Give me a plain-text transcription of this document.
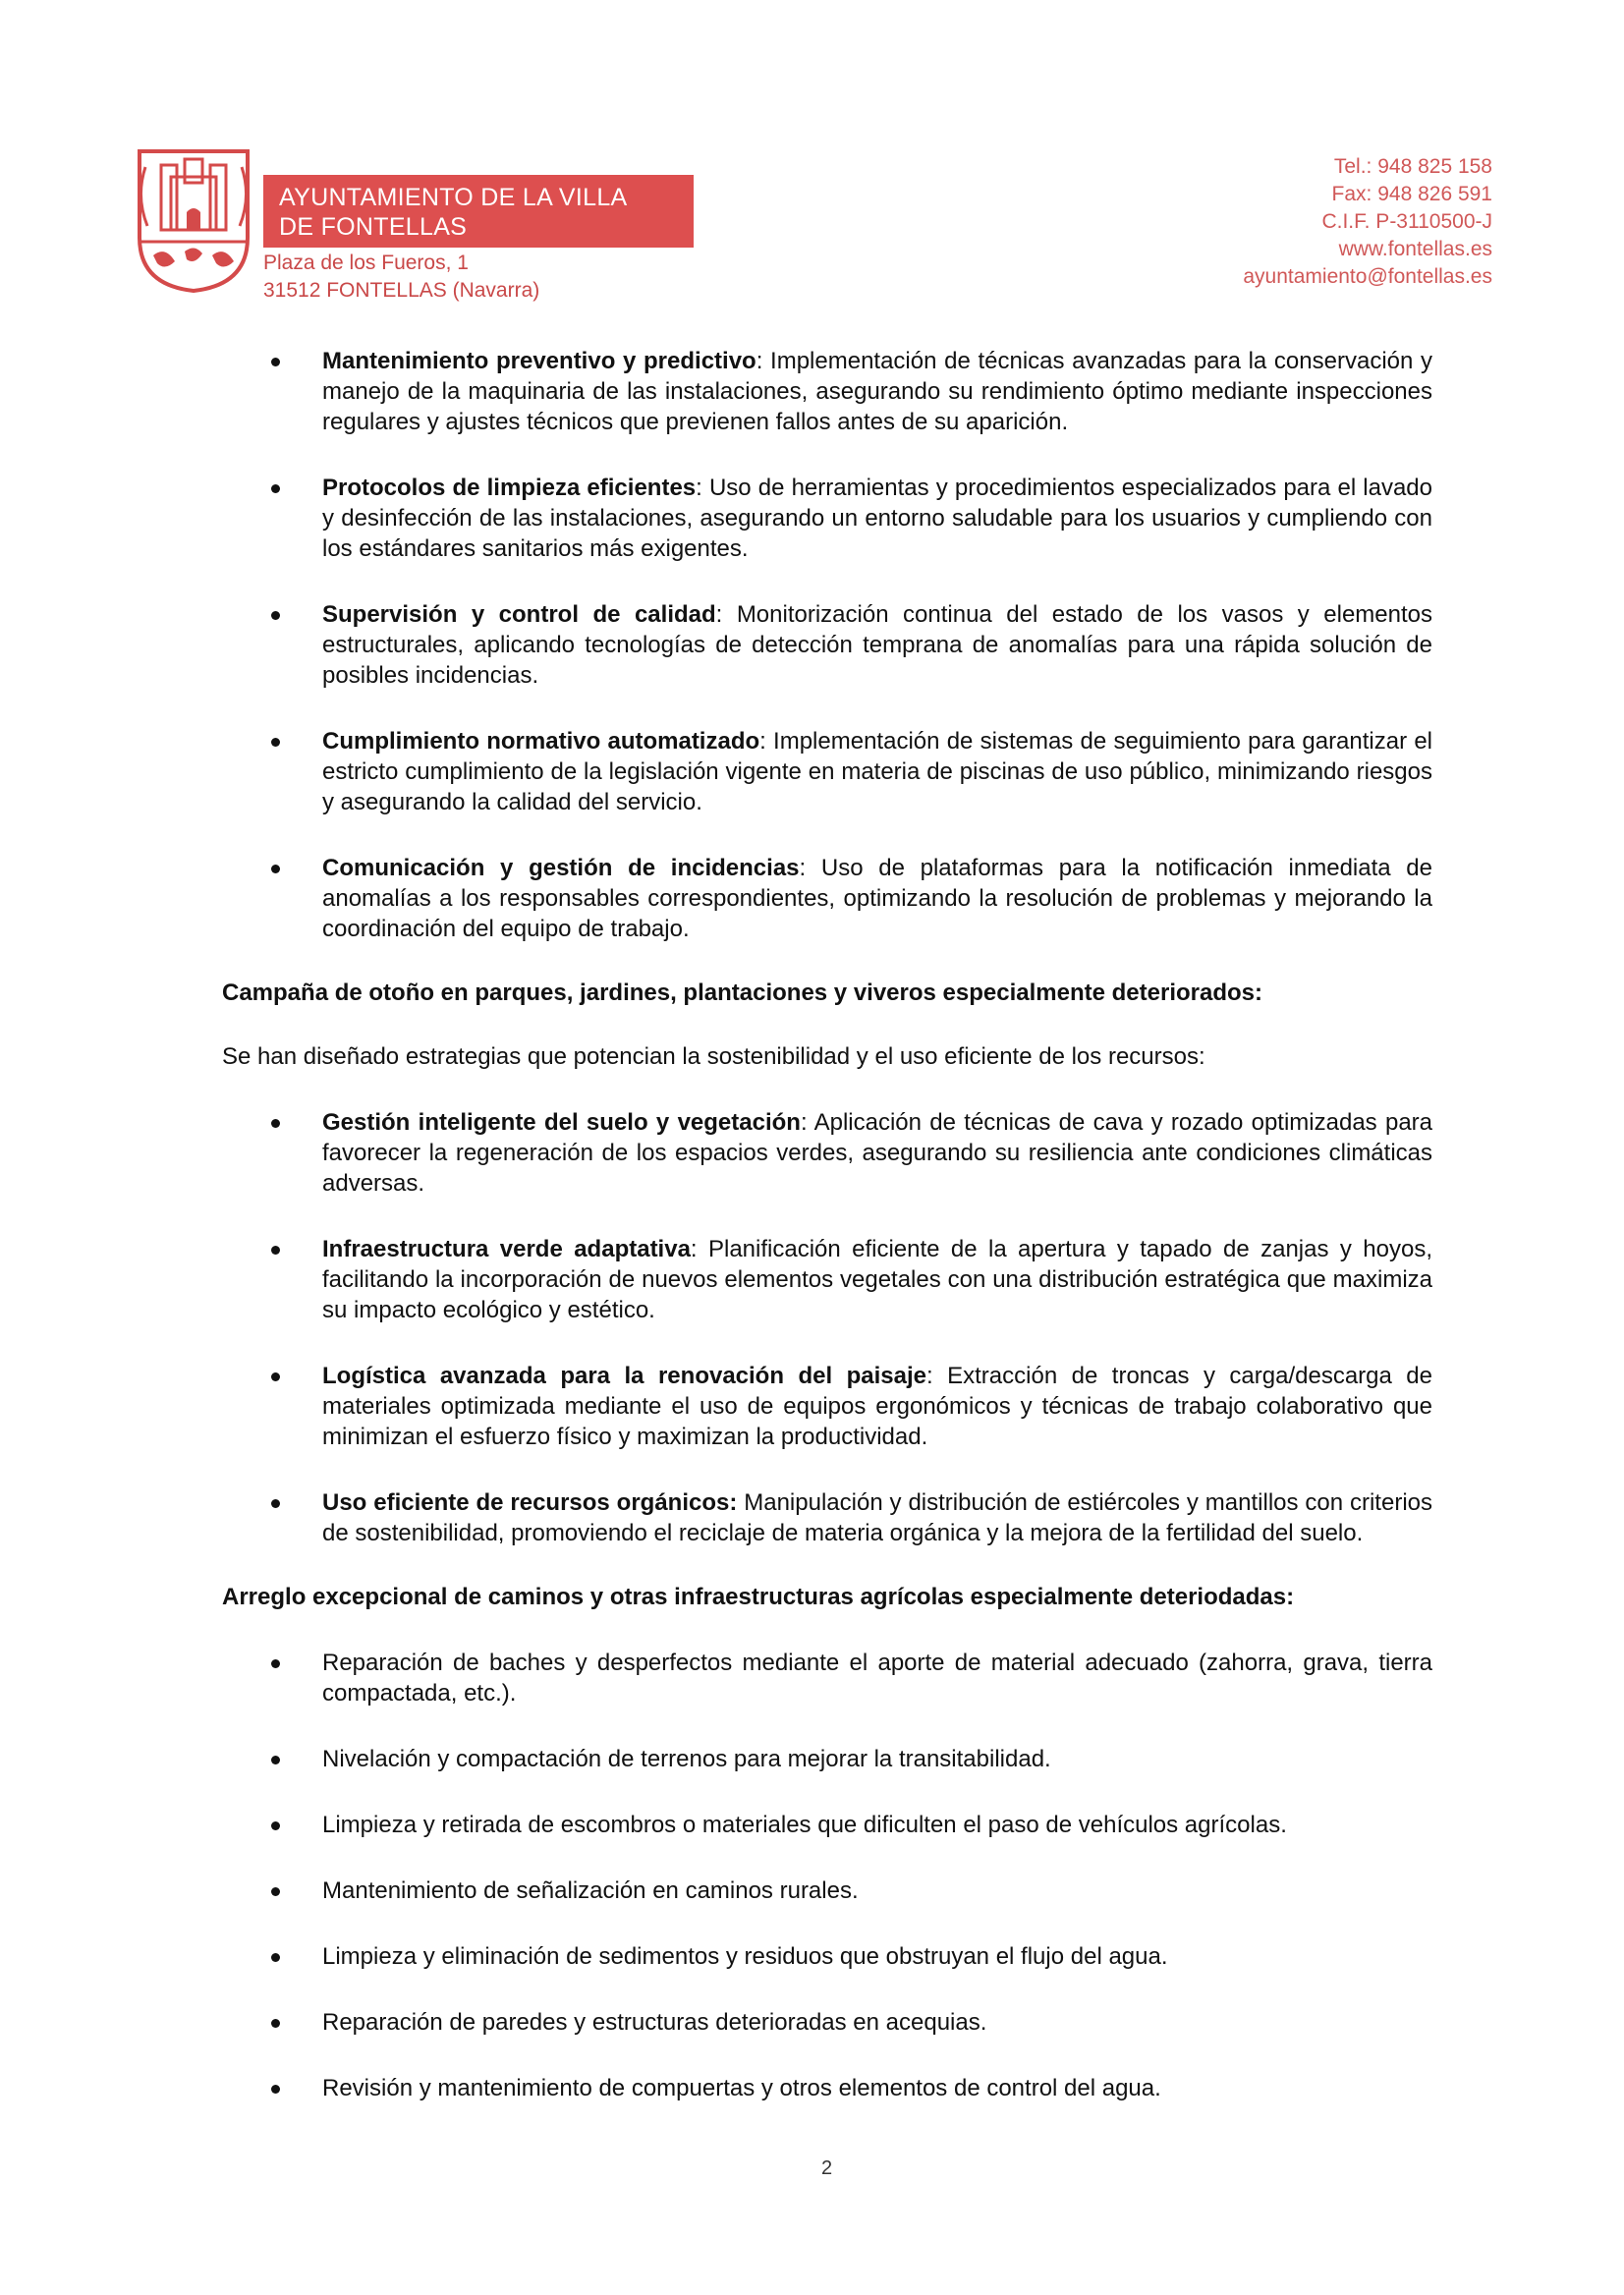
AYUNTAMIENTO DE LA VILLA
DE FONTELLAS
Plaza de los Fueros, 1
31512 FONTELLAS (Navarra)
Tel.: 948 825 158
Fax: 948 826 591
C.I.F. P-3110500-J
www.fontellas.es
ayuntamiento@fontellas.es
Mantenimiento preventivo y predictivo: Implementación de técnicas avanzadas para la conservación y manejo de la maquinaria de las instalaciones, asegurando su rendimiento óptimo mediante inspecciones regulares y ajustes técnicos que previenen fallos antes de su aparición.
Protocolos de limpieza eficientes: Uso de herramientas y procedimientos especializados para el lavado y desinfección de las instalaciones, asegurando un entorno saludable para los usuarios y cumpliendo con los estándares sanitarios más exigentes.
Supervisión y control de calidad: Monitorización continua del estado de los vasos y elementos estructurales, aplicando tecnologías de detección temprana de anomalías para una rápida solución de posibles incidencias.
Cumplimiento normativo automatizado: Implementación de sistemas de seguimiento para garantizar el estricto cumplimiento de la legislación vigente en materia de piscinas de uso público, minimizando riesgos y asegurando la calidad del servicio.
Comunicación y gestión de incidencias: Uso de plataformas para la notificación inmediata de anomalías a los responsables correspondientes, optimizando la resolución de problemas y mejorando la coordinación del equipo de trabajo.
Campaña de otoño en parques, jardines, plantaciones y viveros especialmente deteriorados:
Se han diseñado estrategias que potencian la sostenibilidad y el uso eficiente de los recursos:
Gestión inteligente del suelo y vegetación: Aplicación de técnicas de cava y rozado optimizadas para favorecer la regeneración de los espacios verdes, asegurando su resiliencia ante condiciones climáticas adversas.
Infraestructura verde adaptativa: Planificación eficiente de la apertura y tapado de zanjas y hoyos, facilitando la incorporación de nuevos elementos vegetales con una distribución estratégica que maximiza su impacto ecológico y estético.
Logística avanzada para la renovación del paisaje: Extracción de troncas y carga/descarga de materiales optimizada mediante el uso de equipos ergonómicos y técnicas de trabajo colaborativo que minimizan el esfuerzo físico y maximizan la productividad.
Uso eficiente de recursos orgánicos: Manipulación y distribución de estiércoles y mantillos con criterios de sostenibilidad, promoviendo el reciclaje de materia orgánica y la mejora de la fertilidad del suelo.
Arreglo excepcional de caminos y otras infraestructuras agrícolas especialmente deteriodadas:
Reparación de baches y desperfectos mediante el aporte de material adecuado (zahorra, grava, tierra compactada, etc.).
Nivelación y compactación de terrenos para mejorar la transitabilidad.
Limpieza y retirada de escombros o materiales que dificulten el paso de vehículos agrícolas.
Mantenimiento de señalización en caminos rurales.
Limpieza y eliminación de sedimentos y residuos que obstruyan el flujo del agua.
Reparación de paredes y estructuras deterioradas en acequias.
Revisión y mantenimiento de compuertas y otros elementos de control del agua.
2
